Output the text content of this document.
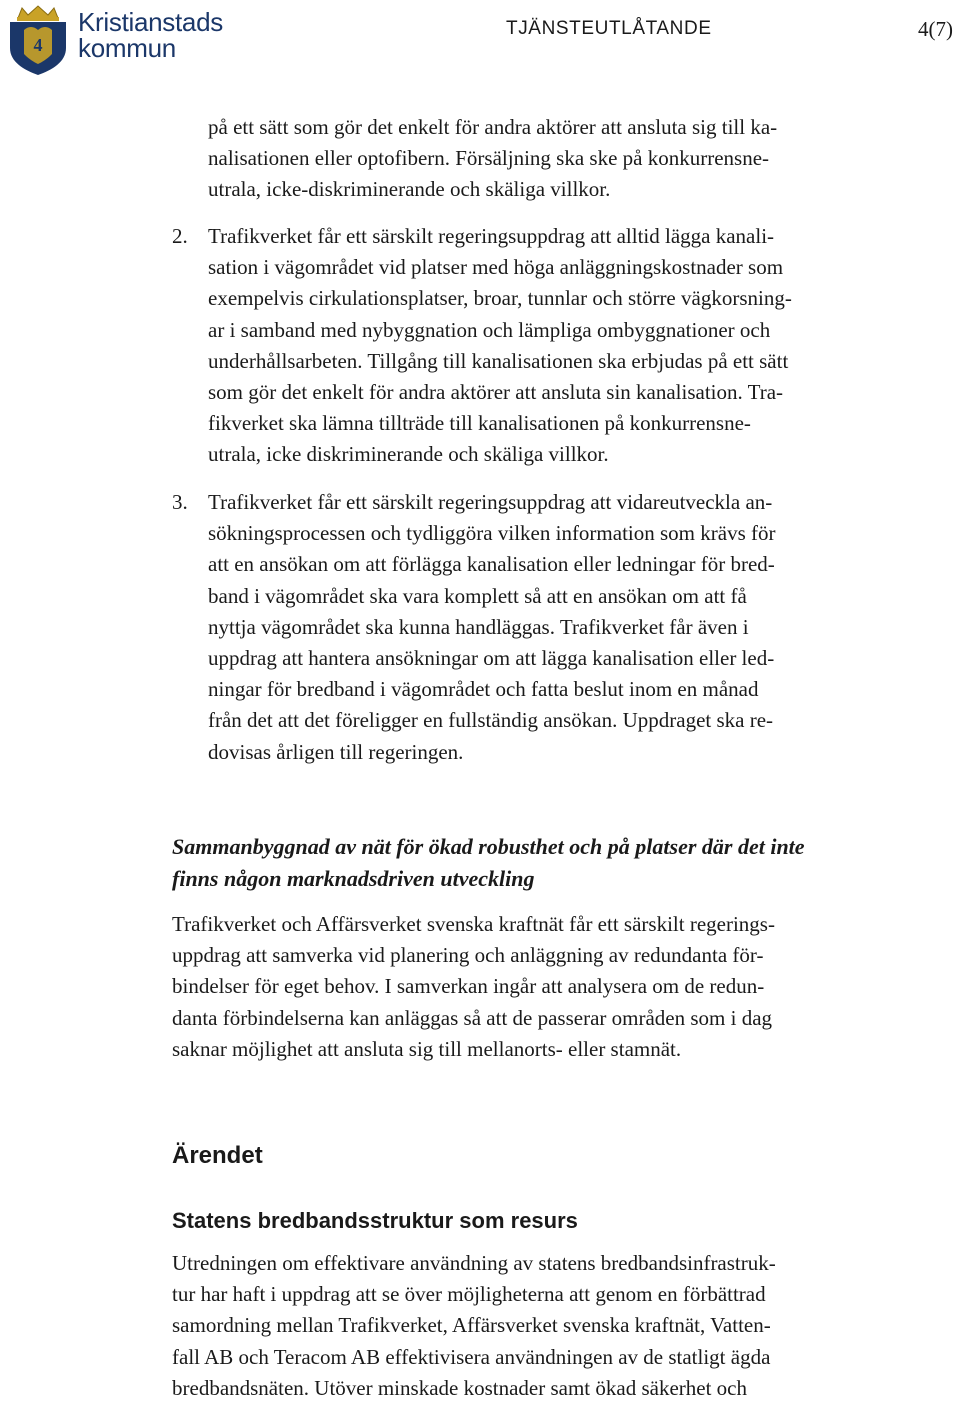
4
Kristianstads
kommun
TJÄNSTEUTLÅTANDE	4(7)

på ett sätt som gör det enkelt för andra aktörer att ansluta sig till ka-
nalisationen eller optofibern. Försäljning ska ske på konkurrensne-
utrala, icke-diskriminerande och skäliga villkor.

2. Trafikverket får ett särskilt regeringsuppdrag att alltid lägga kanali-
sation i vägområdet vid platser med höga anläggningskostnader som
exempelvis cirkulationsplatser, broar, tunnlar och större vägkorsning-
ar i samband med nybyggnation och lämpliga ombyggnationer och
underhållsarbeten. Tillgång till kanalisationen ska erbjudas på ett sätt
som gör det enkelt för andra aktörer att ansluta sin kanalisation. Tra-
fikverket ska lämna tillträde till kanalisationen på konkurrensne-
utrala, icke diskriminerande och skäliga villkor.

3. Trafikverket får ett särskilt regeringsuppdrag att vidareutveckla an-
sökningsprocessen och tydliggöra vilken information som krävs för
att en ansökan om att förlägga kanalisation eller ledningar för bred-
band i vägområdet ska vara komplett så att en ansökan om att få
nyttja vägområdet ska kunna handläggas. Trafikverket får även i
uppdrag att hantera ansökningar om att lägga kanalisation eller led-
ningar för bredband i vägområdet och fatta beslut inom en månad
från det att det föreligger en fullständig ansökan. Uppdraget ska re-
dovisas årligen till regeringen.

Sammanbyggnad av nät för ökad robusthet och på platser där det inte
finns någon marknadsdriven utveckling

Trafikverket och Affärsverket svenska kraftnät får ett särskilt regerings-
uppdrag att samverka vid planering och anläggning av redundanta för-
bindelser för eget behov. I samverkan ingår att analysera om de redun-
danta förbindelserna kan anläggas så att de passerar områden som i dag
saknar möjlighet att ansluta sig till mellanorts- eller stamnät.

Ärendet
Statens bredbandsstruktur som resurs

Utredningen om effektivare användning av statens bredbandsinfrastruk-
tur har haft i uppdrag att se över möjligheterna att genom en förbättrad
samordning mellan Trafikverket, Affärsverket svenska kraftnät, Vatten-
fall AB och Teracom AB effektivisera användningen av de statligt ägda
bredbandsnäten. Utöver minskade kostnader samt ökad säkerhet och
